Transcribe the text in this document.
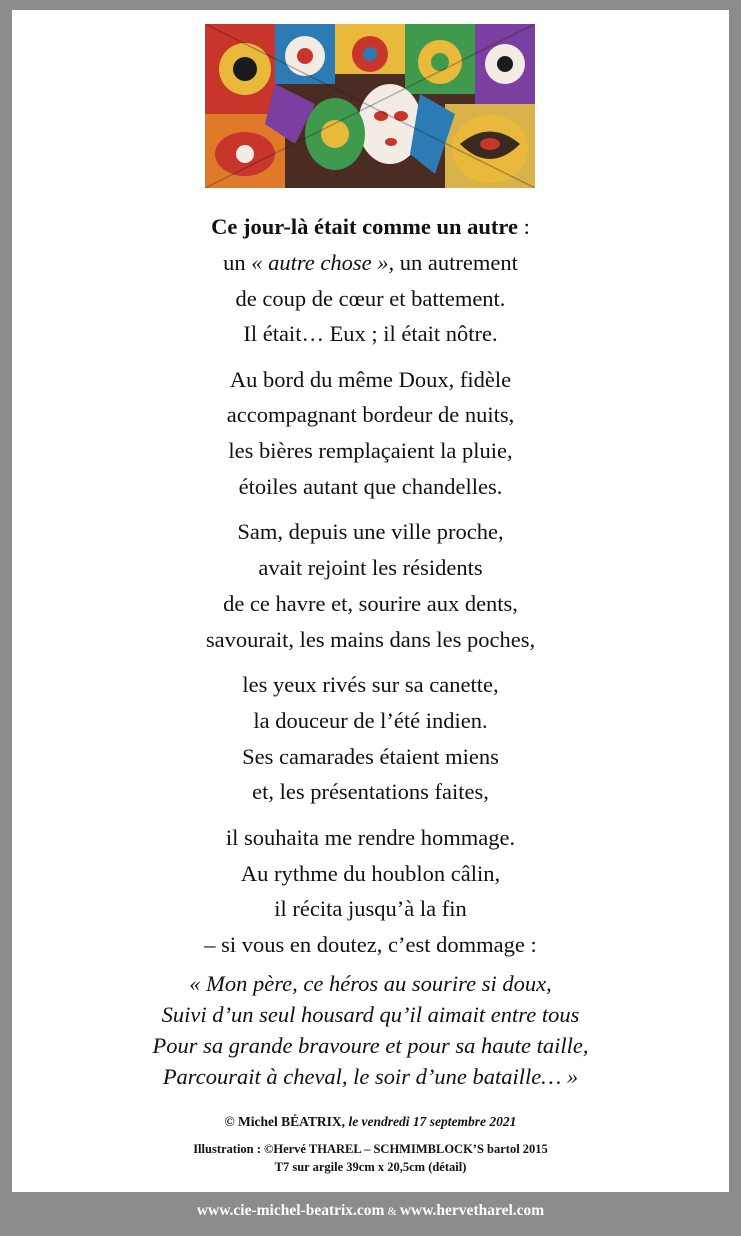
Ce jour-là était comme un autre :
un « autre chose », un autrement
de coup de cœur et battement.
Il était… Eux ; il était nôtre.
Au bord du même Doux, fidèle
accompagnant bordeur de nuits,
les bières remplaçaient la pluie,
étoiles autant que chandelles.
Sam, depuis une ville proche,
avait rejoint les résidents
de ce havre et, sourire aux dents,
savourait, les mains dans les poches,
les yeux rivés sur sa canette,
la douceur de l’été indien.
Ses camarades étaient miens
et, les présentations faites,
il souhaita me rendre hommage.
Au rythme du houblon câlin,
il récita jusqu’à la fin
– si vous en doutez, c’est dommage :
« Mon père, ce héros au sourire si doux,
Suivi d’un seul housard qu’il aimait entre tous
Pour sa grande bravoure et pour sa haute taille,
Parcourait à cheval, le soir d’une bataille… »
© Michel BÉATRIX, le vendredi 17 septembre 2021
Illustration : ©Hervé THAREL – SCHMIMBLOCK’S bartol 2015
T7 sur argile 39cm x 20,5cm (détail)
www.cie-michel-beatrix.com & www.hervetharel.com
